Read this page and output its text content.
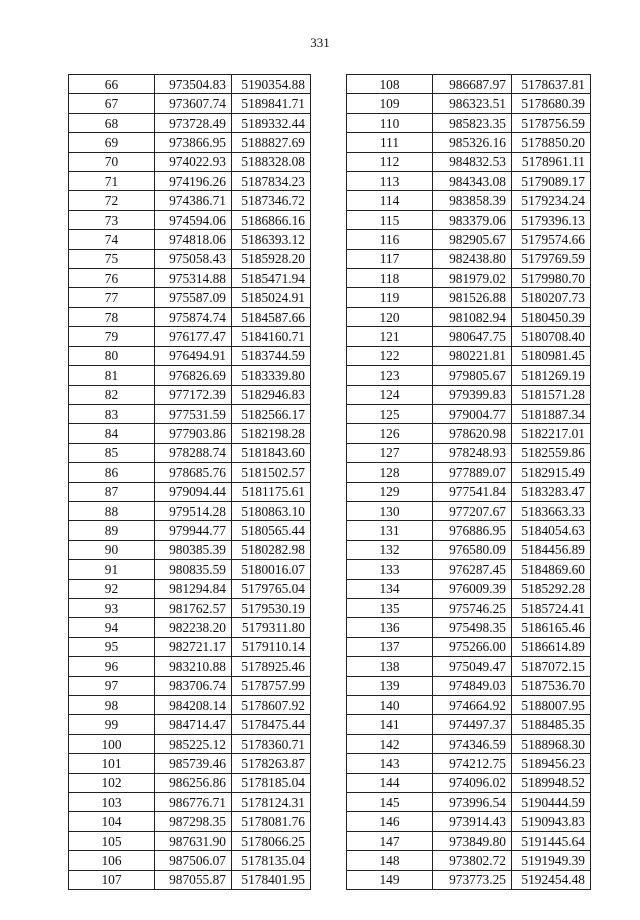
331
66	973504.83	5190354.88
67	973607.74	5189841.71
68	973728.49	5189332.44
69	973866.95	5188827.69
70	974022.93	5188328.08
71	974196.26	5187834.23
72	974386.71	5187346.72
73	974594.06	5186866.16
74	974818.06	5186393.12
75	975058.43	5185928.20
76	975314.88	5185471.94
77	975587.09	5185024.91
78	975874.74	5184587.66
79	976177.47	5184160.71
80	976494.91	5183744.59
81	976826.69	5183339.80
82	977172.39	5182946.83
83	977531.59	5182566.17
84	977903.86	5182198.28
85	978288.74	5181843.60
86	978685.76	5181502.57
87	979094.44	5181175.61
88	979514.28	5180863.10
89	979944.77	5180565.44
90	980385.39	5180282.98
91	980835.59	5180016.07
92	981294.84	5179765.04
93	981762.57	5179530.19
94	982238.20	5179311.80
95	982721.17	5179110.14
96	983210.88	5178925.46
97	983706.74	5178757.99
98	984208.14	5178607.92
99	984714.47	5178475.44
100	985225.12	5178360.71
101	985739.46	5178263.87
102	986256.86	5178185.04
103	986776.71	5178124.31
104	987298.35	5178081.76
105	987631.90	5178066.25
106	987506.07	5178135.04
107	987055.87	5178401.95
108	986687.97	5178637.81
109	986323.51	5178680.39
110	985823.35	5178756.59
111	985326.16	5178850.20
112	984832.53	5178961.11
113	984343.08	5179089.17
114	983858.39	5179234.24
115	983379.06	5179396.13
116	982905.67	5179574.66
117	982438.80	5179769.59
118	981979.02	5179980.70
119	981526.88	5180207.73
120	981082.94	5180450.39
121	980647.75	5180708.40
122	980221.81	5180981.45
123	979805.67	5181269.19
124	979399.83	5181571.28
125	979004.77	5181887.34
126	978620.98	5182217.01
127	978248.93	5182559.86
128	977889.07	5182915.49
129	977541.84	5183283.47
130	977207.67	5183663.33
131	976886.95	5184054.63
132	976580.09	5184456.89
133	976287.45	5184869.60
134	976009.39	5185292.28
135	975746.25	5185724.41
136	975498.35	5186165.46
137	975266.00	5186614.89
138	975049.47	5187072.15
139	974849.03	5187536.70
140	974664.92	5188007.95
141	974497.37	5188485.35
142	974346.59	5188968.30
143	974212.75	5189456.23
144	974096.02	5189948.52
145	973996.54	5190444.59
146	973914.43	5190943.83
147	973849.80	5191445.64
148	973802.72	5191949.39
149	973773.25	5192454.48
